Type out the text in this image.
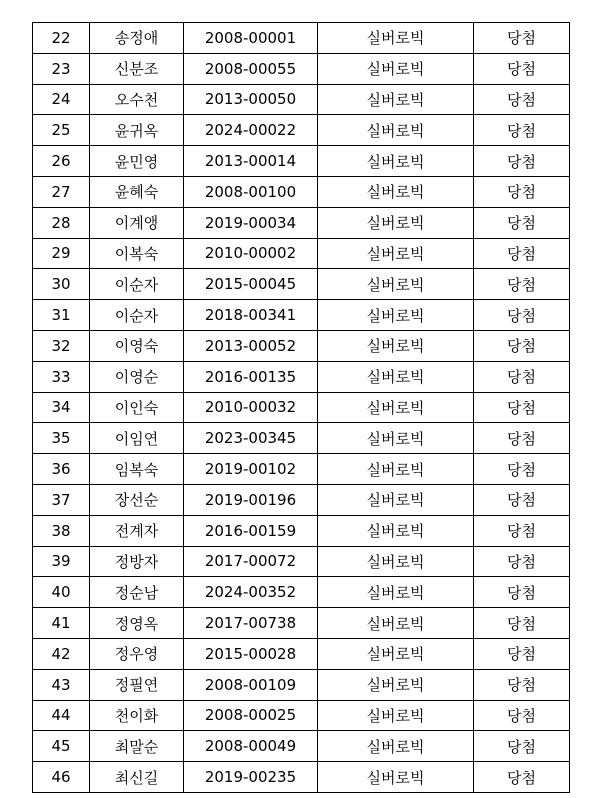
22	송정애	2008-00001	실버로빅	당첨
23	신분조	2008-00055	실버로빅	당첨
24	오수천	2013-00050	실버로빅	당첨
25	윤귀옥	2024-00022	실버로빅	당첨
26	윤민영	2013-00014	실버로빅	당첨
27	윤혜숙	2008-00100	실버로빅	당첨
28	이계앵	2019-00034	실버로빅	당첨
29	이복숙	2010-00002	실버로빅	당첨
30	이순자	2015-00045	실버로빅	당첨
31	이순자	2018-00341	실버로빅	당첨
32	이영숙	2013-00052	실버로빅	당첨
33	이영순	2016-00135	실버로빅	당첨
34	이인숙	2010-00032	실버로빅	당첨
35	이임연	2023-00345	실버로빅	당첨
36	임복숙	2019-00102	실버로빅	당첨
37	장선순	2019-00196	실버로빅	당첨
38	전계자	2016-00159	실버로빅	당첨
39	정방자	2017-00072	실버로빅	당첨
40	정순남	2024-00352	실버로빅	당첨
41	정영옥	2017-00738	실버로빅	당첨
42	정우영	2015-00028	실버로빅	당첨
43	정필연	2008-00109	실버로빅	당첨
44	천이화	2008-00025	실버로빅	당첨
45	최말순	2008-00049	실버로빅	당첨
46	최신길	2019-00235	실버로빅	당첨
